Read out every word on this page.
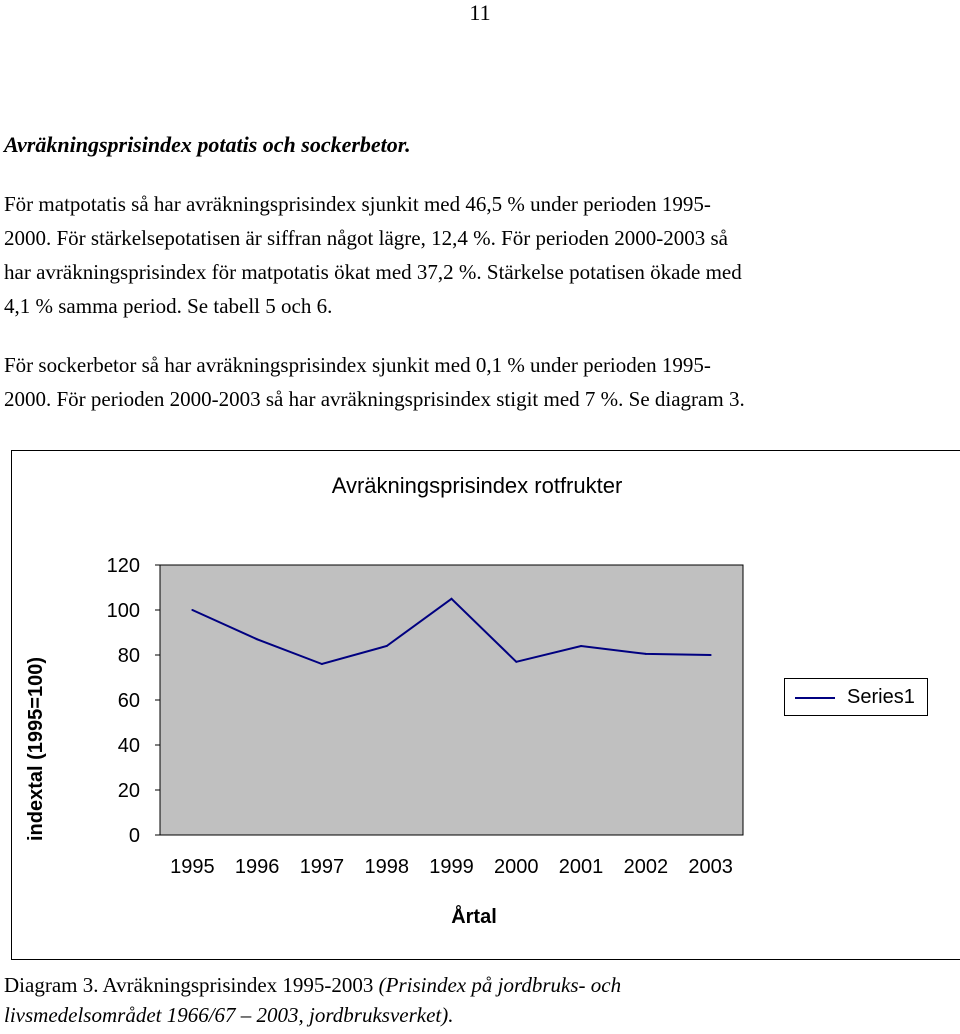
11
Avräkningsprisindex potatis och sockerbetor.

För matpotatis så har avräkningsprisindex sjunkit med 46,5 % under perioden 1995-
2000. För stärkelsepotatisen är siffran något lägre, 12,4 %. För perioden 2000-2003 så
har avräkningsprisindex för matpotatis ökat med 37,2 %. Stärkelse potatisen ökade med
4,1 % samma period. Se tabell 5 och 6.

För sockerbetor så har avräkningsprisindex sjunkit med 0,1 % under perioden 1995-
2000. För perioden 2000-2003 så har avräkningsprisindex stigit med 7 %. Se diagram 3.

Avräkningsprisindex rotfrukter
indextal (1995=100)	0
20
40
60
80
100
120
1995 1996 1997 1998 1999 2000 2001 2002 2003
Årtal
Series1

Diagram 3. Avräkningsprisindex 1995-2003 (Prisindex på jordbruks- och
livsmedelsområdet 1966/67 – 2003, jordbruksverket).
